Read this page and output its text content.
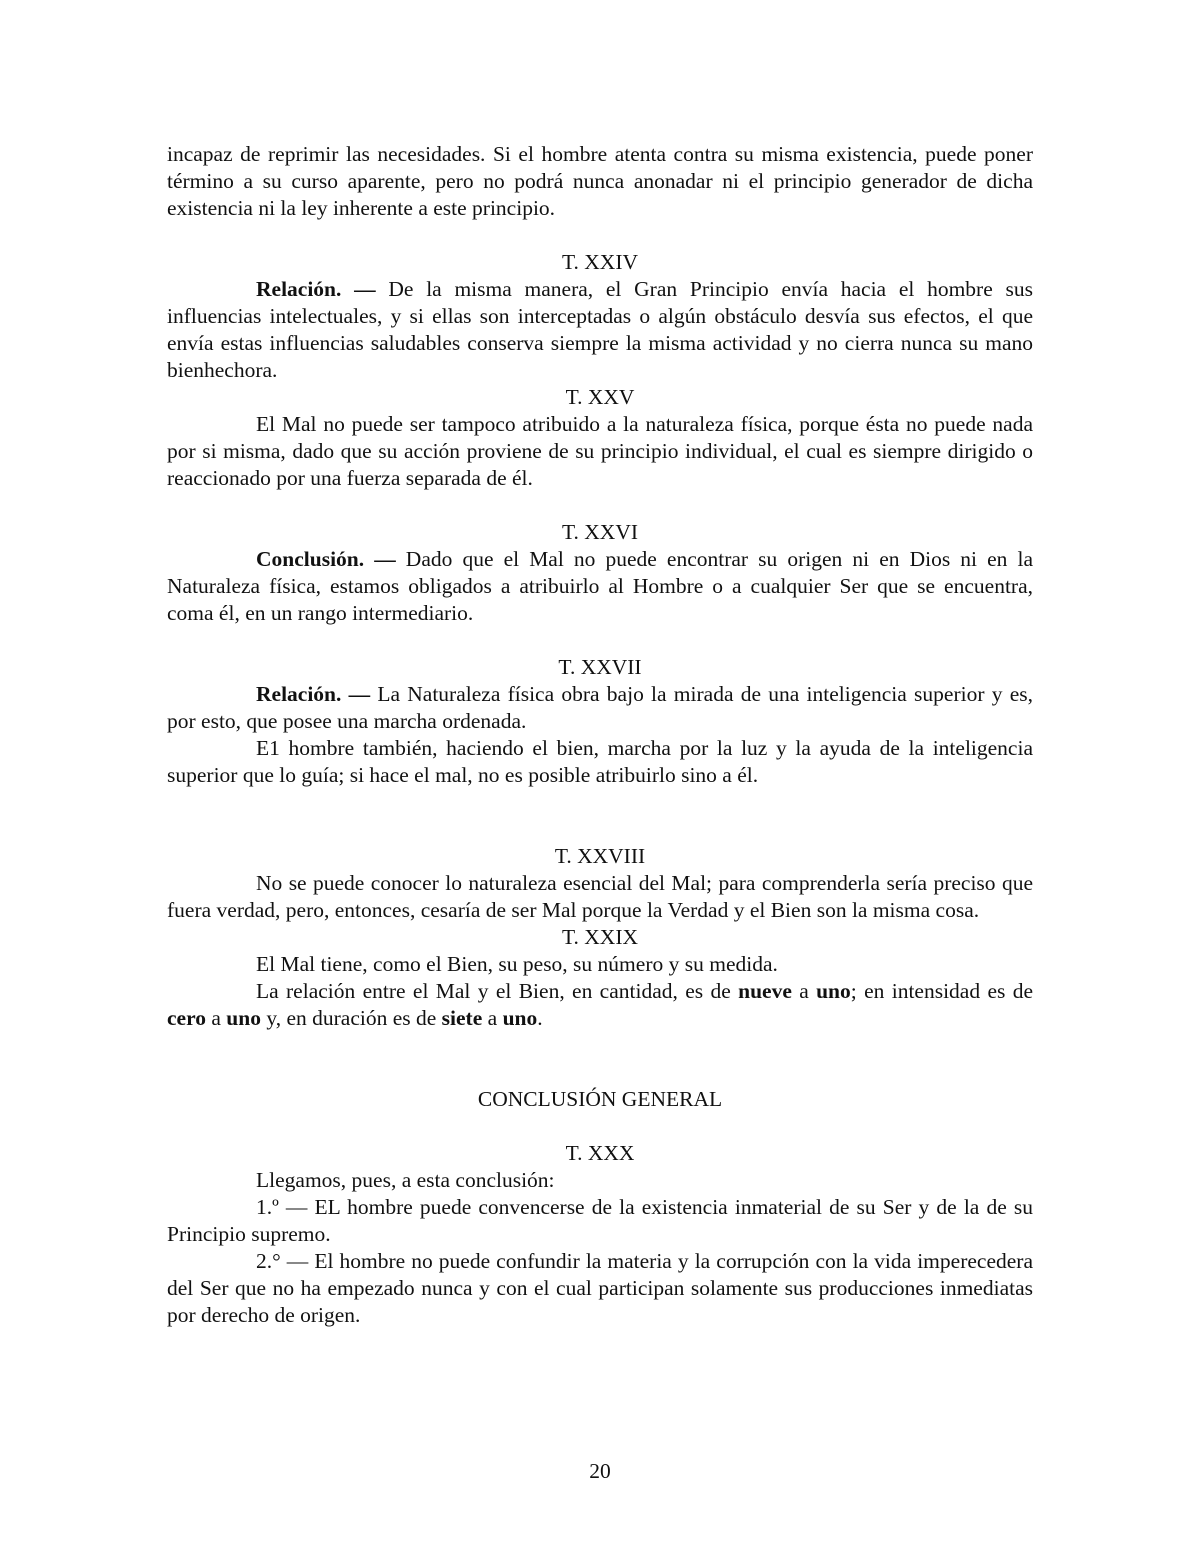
incapaz de reprimir las necesidades. Si el hombre atenta contra su misma existencia, puede poner término a su curso aparente, pero no podrá nunca anonadar ni el principio generador de dicha existencia ni la ley inherente a este principio.

T. XXIV

Relación. — De la misma manera, el Gran Principio envía hacia el hombre sus influencias intelectuales, y si ellas son interceptadas o algún obstáculo desvía sus efectos, el que envía estas influencias saludables conserva siempre la misma actividad y no cierra nunca su mano bienhechora.

T. XXV

El Mal no puede ser tampoco atribuido a la naturaleza física, porque ésta no puede nada por si misma, dado que su acción proviene de su principio individual, el cual es siempre dirigido o reaccionado por una fuerza separada de él.

T. XXVI

Conclusión. — Dado que el Mal no puede encontrar su origen ni en Dios ni en la Naturaleza física, estamos obligados a atribuirlo al Hombre o a cualquier Ser que se encuentra, coma él, en un rango intermediario.

T. XXVII

Relación. — La Naturaleza física obra bajo la mirada de una inteligencia superior y es, por esto, que posee una marcha ordenada.

E1 hombre también, haciendo el bien, marcha por la luz y la ayuda de la inteligencia superior que lo guía; si hace el mal, no es posible atribuirlo sino a él.

T. XXVIII

No se puede conocer lo naturaleza esencial del Mal; para comprenderla sería preciso que fuera verdad, pero, entonces, cesaría de ser Mal porque la Verdad y el Bien son la misma cosa.

T. XXIX

El Mal tiene, como el Bien, su peso, su número y su medida.

La relación entre el Mal y el Bien, en cantidad, es de nueve a uno; en intensidad es de cero a uno y, en duración es de siete a uno.

CONCLUSIÓN GENERAL
T. XXX

Llegamos, pues, a esta conclusión:

1.º — EL hombre puede convencerse de la existencia inmaterial de su Ser y de la de su Principio supremo.

2.° — El hombre no puede confundir la materia y la corrupción con la vida imperecedera del Ser que no ha empezado nunca y con el cual participan solamente sus producciones inmediatas por derecho de origen.

20
